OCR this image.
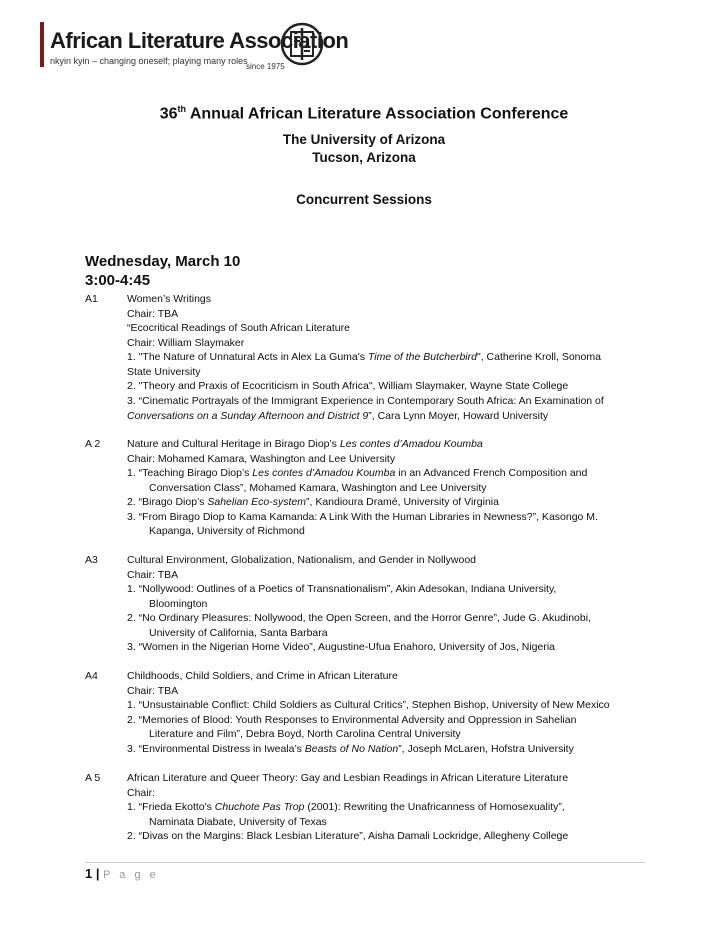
African Literature Association
nkyin kyin – changing oneself; playing many roles
since 1975
36th Annual African Literature Association Conference
The University of Arizona
Tucson, Arizona
Concurrent Sessions
Wednesday, March 10
3:00-4:45
A1	Women’s Writings
Chair: TBA
“Ecocritical Readings of South African Literature
Chair: William Slaymaker
1. "The Nature of Unnatural Acts in Alex La Guma's Time of the Butcherbird", Catherine Kroll, Sonoma
State University
2. "Theory and Praxis of Ecocriticism in South Africa", William Slaymaker, Wayne State College
3. “Cinematic Portrayals of the Immigrant Experience in Contemporary South Africa: An Examination of
Conversations on a Sunday Afternoon and District 9”, Cara Lynn Moyer, Howard University
A 2	Nature and Cultural Heritage in Birago Diop’s Les contes d’Amadou Koumba
Chair: Mohamed Kamara, Washington and Lee University
1. “Teaching Birago Diop’s Les contes d’Amadou Koumba in an Advanced French Composition and
Conversation Class”, Mohamed Kamara, Washington and Lee University
2. “Birago Diop’s Sahelian Eco-system”, Kandioura Dramé, University of Virginia
3. “From Birago Diop to Kama Kamanda: A Link With the Human Libraries in Newness?”, Kasongo M.
Kapanga, University of Richmond
A3	Cultural Environment, Globalization, Nationalism, and Gender in Nollywood
Chair: TBA
1. “Nollywood: Outlines of a Poetics of Transnationalism”, Akin Adesokan, Indiana University,
Bloomington
2. “No Ordinary Pleasures: Nollywood, the Open Screen, and the Horror Genre”, Jude G. Akudinobi,
University of California, Santa Barbara
3. “Women in the Nigerian Home Video”, Augustine-Ufua Enahoro, University of Jos, Nigeria
A4	Childhoods, Child Soldiers, and Crime in African Literature
Chair: TBA
1. “Unsustainable Conflict: Child Soldiers as Cultural Critics”, Stephen Bishop, University of New Mexico
2. “Memories of Blood: Youth Responses to Environmental Adversity and Oppression in Sahelian
Literature and Film”, Debra Boyd, North Carolina Central University
3. “Environmental Distress in Iweala’s Beasts of No Nation”, Joseph McLaren, Hofstra University
A 5	African Literature and Queer Theory: Gay and Lesbian Readings in African Literature Literature
Chair:
1. “Frieda Ekotto's Chuchote Pas Trop (2001): Rewriting the Unafricanness of Homosexuality”,
Naminata Diabate, University of Texas
2. “Divas on the Margins: Black Lesbian Literature”, Aisha Damali Lockridge, Allegheny College
1 | P a g e
